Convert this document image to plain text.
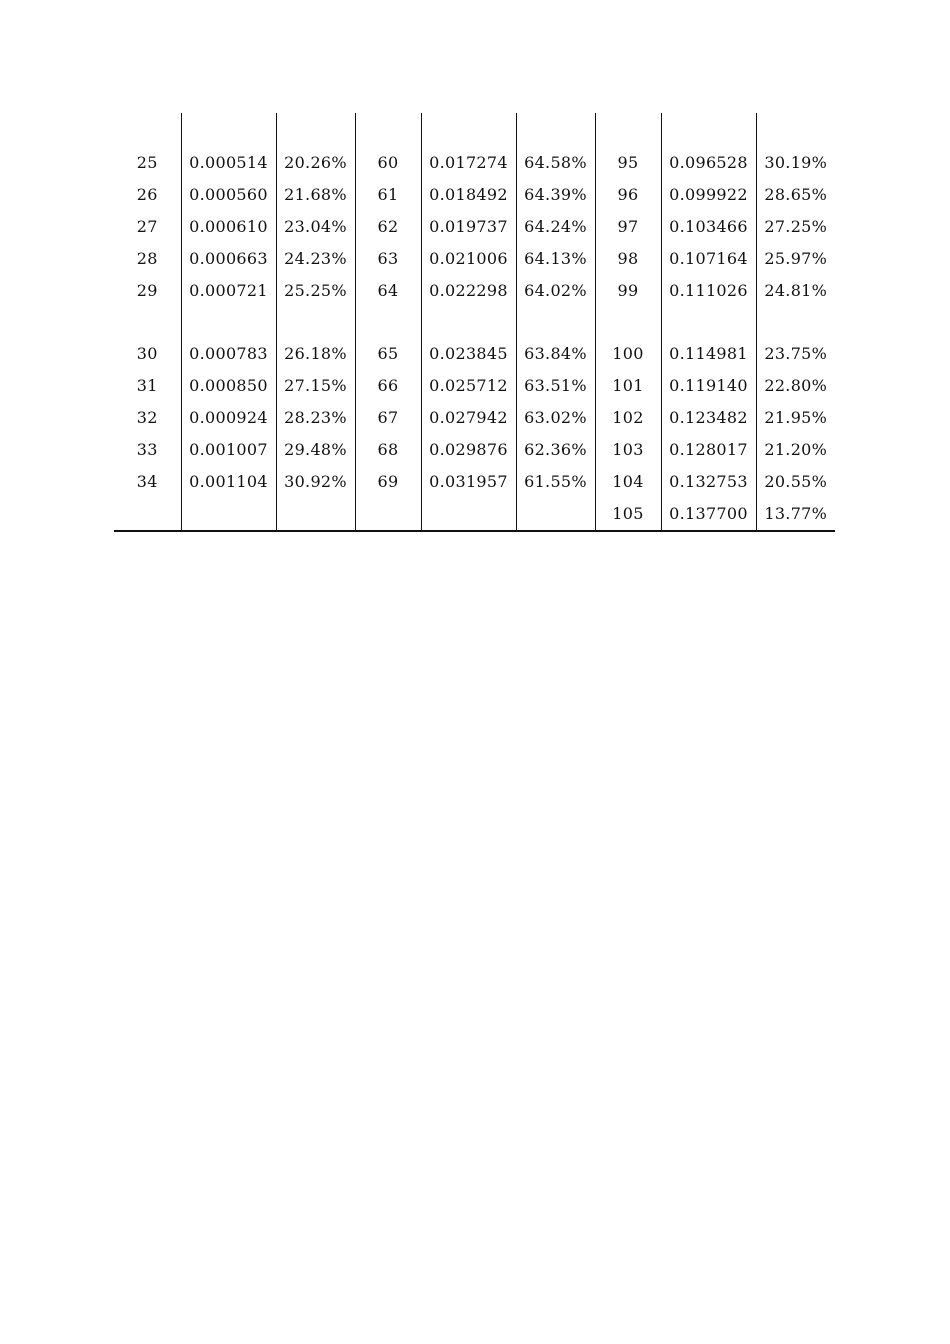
25	0.000514	20.26%	60	0.017274	64.58%	95	0.096528	30.19%
26	0.000560	21.68%	61	0.018492	64.39%	96	0.099922	28.65%
27	0.000610	23.04%	62	0.019737	64.24%	97	0.103466	27.25%
28	0.000663	24.23%	63	0.021006	64.13%	98	0.107164	25.97%
29	0.000721	25.25%	64	0.022298	64.02%	99	0.111026	24.81%

30	0.000783	26.18%	65	0.023845	63.84%	100	0.114981	23.75%
31	0.000850	27.15%	66	0.025712	63.51%	101	0.119140	22.80%
32	0.000924	28.23%	67	0.027942	63.02%	102	0.123482	21.95%
33	0.001007	29.48%	68	0.029876	62.36%	103	0.128017	21.20%
34	0.001104	30.92%	69	0.031957	61.55%	104	0.132753	20.55%
						105	0.137700	13.77%
